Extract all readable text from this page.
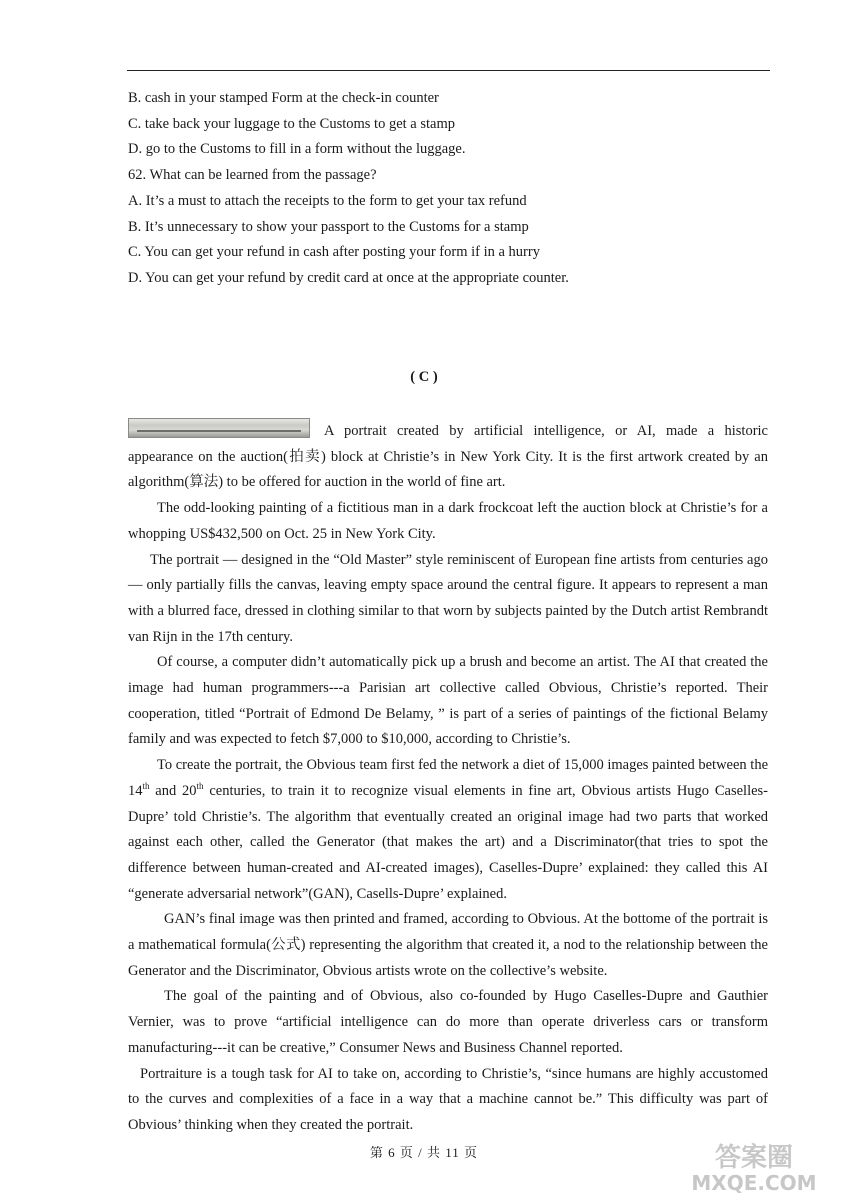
B. cash in your stamped Form at the check-in counter
C. take back your luggage to the Customs to get a stamp
D. go to the Customs to fill in a form without the luggage.
62. What can be learned from the passage?
A. It’s a must to attach the receipts to the form to get your tax refund
B. It’s unnecessary to show your passport to the Customs for a stamp
C. You can get your refund in cash after posting your form if in a hurry
D. You can get your refund by credit card at once at the appropriate counter.
( C )

A portrait created by artificial intelligence, or AI, made a historic appearance on the auction(拍卖) block at Christie’s in New York City. It is the first artwork created by an algorithm(算法) to be offered for auction in the world of fine art.

The odd-looking painting of a fictitious man in a dark frockcoat left the auction block at Christie’s for a whopping US$432,500 on Oct. 25 in New York City.

The portrait — designed in the “Old Master” style reminiscent of European fine artists from centuries ago — only partially fills the canvas, leaving empty space around the central figure. It appears to represent a man with a blurred face, dressed in clothing similar to that worn by subjects painted by the Dutch artist Rembrandt van Rijn in the 17th century.

Of course, a computer didn’t automatically pick up a brush and become an artist. The AI that created the image had human programmers---a Parisian art collective called Obvious, Christie’s reported. Their cooperation, titled “Portrait of Edmond De Belamy, ” is part of a series of paintings of the fictional Belamy family and was expected to fetch $7,000 to $10,000, according to Christie’s.

To create the portrait, the Obvious team first fed the network a diet of 15,000 images painted between the 14th and 20th centuries, to train it to recognize visual elements in fine art, Obvious artists Hugo Caselles-Dupre’ told Christie’s. The algorithm that eventually created an original image had two parts that worked against each other, called the Generator (that makes the art) and a Discriminator(that tries to spot the difference between human-created and AI-created images), Caselles-Dupre’ explained: they called this AI “generate adversarial network”(GAN), Casells-Dupre’ explained.

GAN’s final image was then printed and framed, according to Obvious. At the bottome of the portrait is a mathematical formula(公式) representing the algorithm that created it, a nod to the relationship between the Generator and the Discriminator, Obvious artists wrote on the collective’s website.

The goal of the painting and of Obvious, also co-founded by Hugo Caselles-Dupre and Gauthier Vernier, was to prove “artificial intelligence can do more than operate driverless cars or transform manufacturing---it can be creative,” Consumer News and Business Channel reported.

Portraiture is a tough task for AI to take on, according to Christie’s, “since humans are highly accustomed to the curves and complexities of a face in a way that a machine cannot be.” This difficulty was part of Obvious’ thinking when they created the portrait.

第 6 页 / 共 11 页	答案圈
MXQE.COM
